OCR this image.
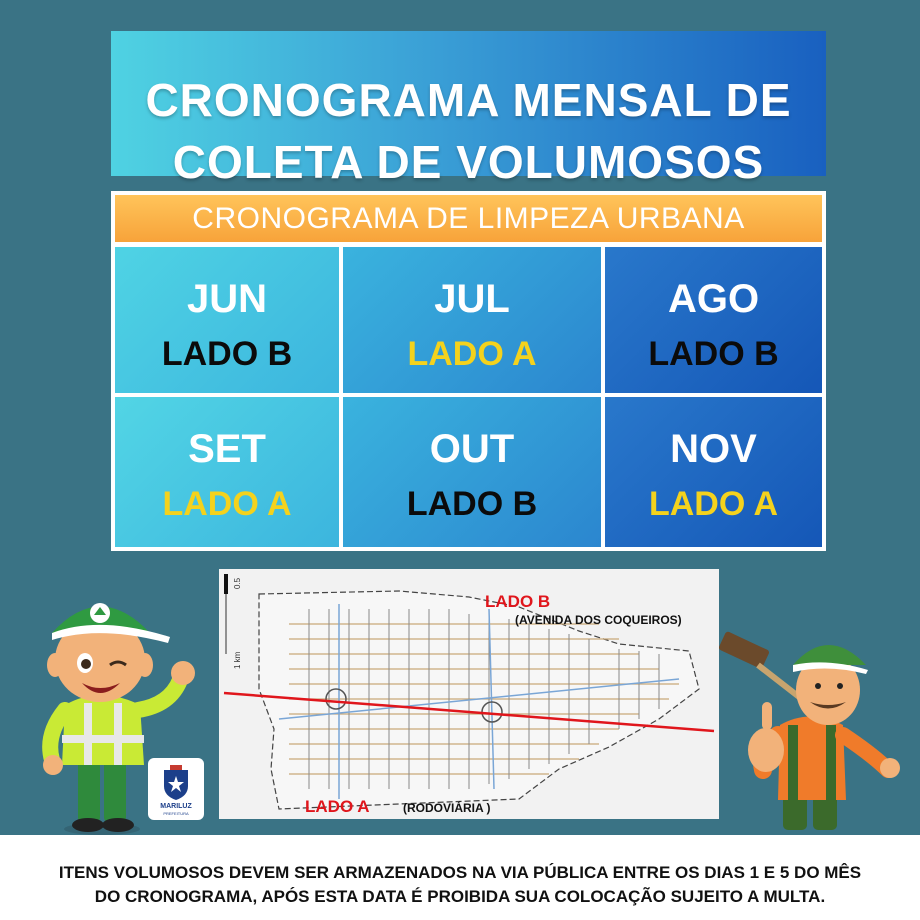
CRONOGRAMA MENSAL DE
COLETA DE VOLUMOSOS
CRONOGRAMA DE LIMPEZA URBANA
JUN
LADO B
JUL
LADO A
AGO
LADO B
SET
LADO A
OUT
LADO B
NOV
LADO A
MARILUZ
PREFEITURA
0.5
1 km
LADO B
(AVENIDA DOS COQUEIROS)
LADO A	(RODOVIÁRIA )
ITENS VOLUMOSOS DEVEM SER ARMAZENADOS NA VIA PÚBLICA ENTRE OS DIAS 1 E 5 DO MÊS
DO CRONOGRAMA, APÓS ESTA DATA É PROIBIDA SUA COLOCAÇÃO SUJEITO A MULTA.
